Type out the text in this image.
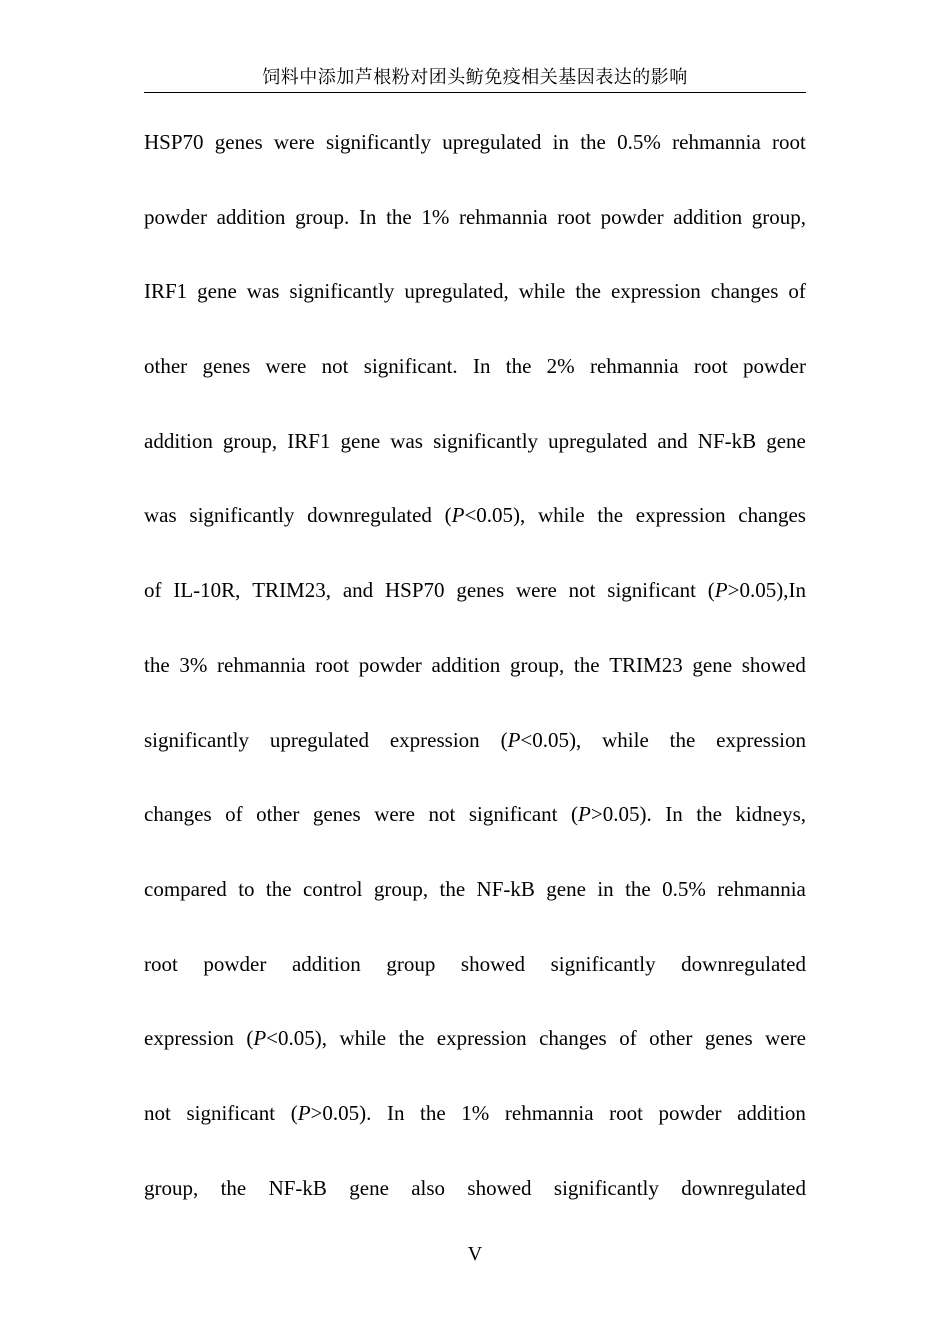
饲料中添加芦根粉对团头鲂免疫相关基因表达的影响
HSP70 genes were significantly upregulated in the 0.5% rehmannia root
powder addition group. In the 1% rehmannia root powder addition group,
IRF1 gene was significantly upregulated, while the expression changes of
other genes were not significant. In the 2% rehmannia root powder
addition group, IRF1 gene was significantly upregulated and NF-kB gene
was significantly downregulated (P<0.05), while the expression changes
of IL-10R, TRIM23, and HSP70 genes were not significant (P>0.05),In
the 3% rehmannia root powder addition group, the TRIM23 gene showed
significantly upregulated expression (P<0.05), while the expression
changes of other genes were not significant (P>0.05). In the kidneys,
compared to the control group, the NF-kB gene in the 0.5% rehmannia
root powder addition group showed significantly downregulated
expression (P<0.05), while the expression changes of other genes were
not significant (P>0.05). In the 1% rehmannia root powder addition
group, the NF-kB gene also showed significantly downregulated
V
